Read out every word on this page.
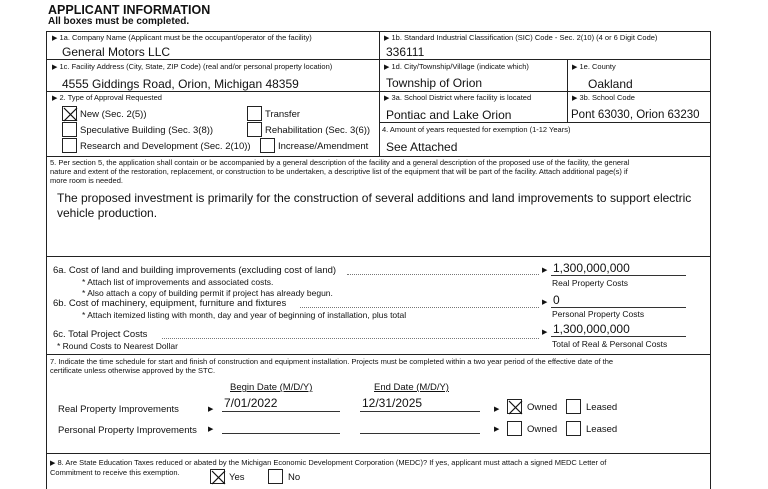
APPLICANT INFORMATION
All boxes must be completed.
▶ 1a. Company Name (Applicant must be the occupant/operator of the facility)
General Motors LLC
▶ 1b. Standard Industrial Classification (SIC) Code - Sec. 2(10) (4 or 6 Digit Code)
336111
▶ 1c. Facility Address (City, State, ZIP Code) (real and/or personal property location)
4555 Giddings Road, Orion, Michigan 48359
▶ 1d. City/Township/Village (indicate which)
Township of Orion
▶ 1e. County
Oakland
▶ 2. Type of Approval Requested
New (Sec. 2(5))	Transfer
Speculative Building (Sec. 3(8))	Rehabilitation (Sec. 3(6))
Research and Development (Sec. 2(10))	Increase/Amendment
▶ 3a. School District where facility is located
Pontiac and Lake Orion
▶ 3b. School Code
Pont 63030, Orion 63230
4. Amount of years requested for exemption (1-12 Years)
See Attached
5. Per section 5, the application shall contain or be accompanied by a general description of the facility and a general description of the proposed use of the facility, the general
nature and extent of the restoration, replacement, or construction to be undertaken, a descriptive list of the equipment that will be part of the facility. Attach additional page(s) if
more room is needed.
The proposed investment is primarily for the construction of several additions and land improvements to support electric
vehicle production.
6a. Cost of land and building improvements (excluding cost of land)
* Attach list of improvements and associated costs.
* Also attach a copy of building permit if project has already begun.
▶ 1,300,000,000
Real Property Costs
6b. Cost of machinery, equipment, furniture and fixtures
* Attach itemized listing with month, day and year of beginning of installation, plus total
▶ 0
Personal Property Costs
6c. Total Project Costs
* Round Costs to Nearest Dollar
▶ 1,300,000,000
Total of Real & Personal Costs
7. Indicate the time schedule for start and finish of construction and equipment installation. Projects must be completed within a two year period of the effective date of the
certificate unless otherwise approved by the STC.
Begin Date (M/D/Y)	End Date (M/D/Y)
Real Property Improvements	▶ 7/01/2022	12/31/2025	▶	Owned	Leased
Personal Property Improvements ▶	▶	Owned	Leased
▶ 8. Are State Education Taxes reduced or abated by the Michigan Economic Development Corporation (MEDC)? If yes, applicant must attach a signed MEDC Letter of
Commitment to receive this exemption.	Yes	No
